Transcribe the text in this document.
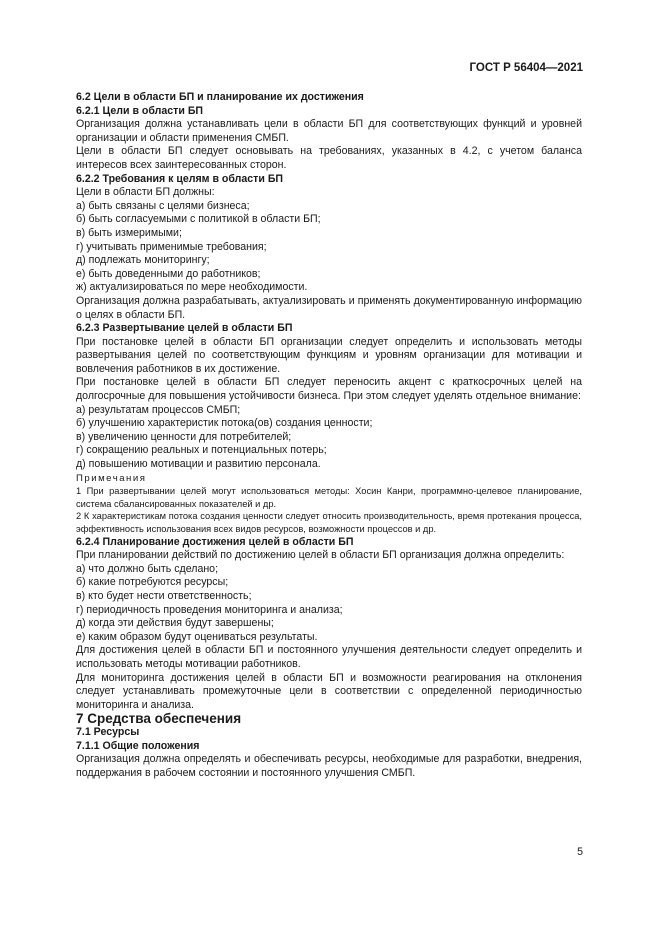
ГОСТ Р 56404—2021

6.2 Цели в области БП и планирование их достижения

6.2.1 Цели в области БП

Организация должна устанавливать цели в области БП для соответствующих функций и уровней организации и области применения СМБП.

Цели в области БП следует основывать на требованиях, указанных в 4.2, с учетом баланса интересов всех заинтересованных сторон.

6.2.2 Требования к целям в области БП

Цели в области БП должны:

а) быть связаны с целями бизнеса;

б) быть согласуемыми с политикой в области БП;

в) быть измеримыми;

г) учитывать применимые требования;

д) подлежать мониторингу;

е) быть доведенными до работников;

ж) актуализироваться по мере необходимости.

Организация должна разрабатывать, актуализировать и применять документированную информацию о целях в области БП.

6.2.3 Развертывание целей в области БП

При постановке целей в области БП организации следует определить и использовать методы развертывания целей по соответствующим функциям и уровням организации для мотивации и вовлечения работников в их достижение.

При постановке целей в области БП следует переносить акцент с краткосрочных целей на долгосрочные для повышения устойчивости бизнеса. При этом следует уделять отдельное внимание:

а) результатам процессов СМБП;

б) улучшению характеристик потока(ов) создания ценности;

в) увеличению ценности для потребителей;

г) сокращению реальных и потенциальных потерь;

д) повышению мотивации и развитию персонала.

Примечания

1 При развертывании целей могут использоваться методы: Хосин Канри, программно-целевое планирование, система сбалансированных показателей и др.

2 К характеристикам потока создания ценности следует относить производительность, время протекания процесса, эффективность использования всех видов ресурсов, возможности процессов и др.

6.2.4 Планирование достижения целей в области БП

При планировании действий по достижению целей в области БП организация должна определить:

а) что должно быть сделано;

б) какие потребуются ресурсы;

в) кто будет нести ответственность;

г) периодичность проведения мониторинга и анализа;

д) когда эти действия будут завершены;

е) каким образом будут оцениваться результаты.

Для достижения целей в области БП и постоянного улучшения деятельности следует определить и использовать методы мотивации работников.

Для мониторинга достижения целей в области БП и возможности реагирования на отклонения следует устанавливать промежуточные цели в соответствии с определенной периодичностью мониторинга и анализа.

7 Средства обеспечения

7.1 Ресурсы

7.1.1 Общие положения

Организация должна определять и обеспечивать ресурсы, необходимые для разработки, внедрения, поддержания в рабочем состоянии и постоянного улучшения СМБП.

5
